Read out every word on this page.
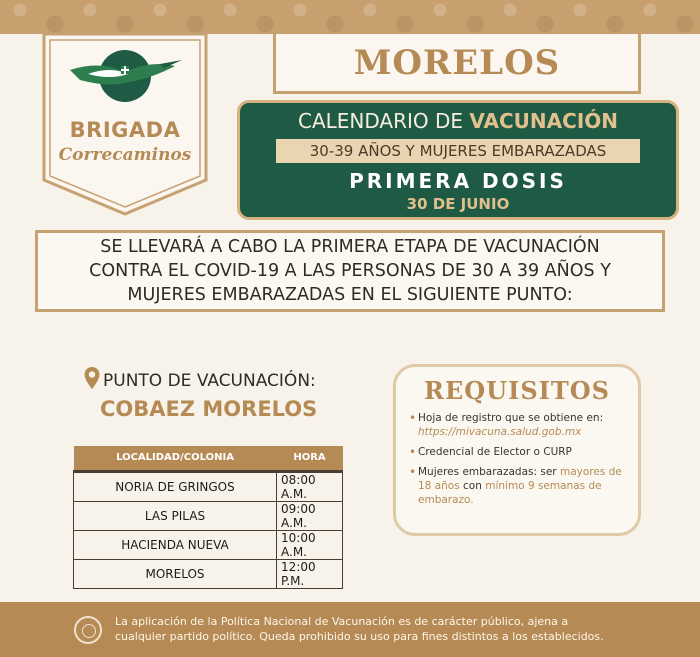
BRIGADA
Correcaminos
MORELOS
CALENDARIO DE VACUNACIÓN
30-39 AÑOS Y MUJERES EMBARAZADAS
PRIMERA DOSIS
30 DE JUNIO
SE LLEVARÁ A CABO LA PRIMERA ETAPA DE VACUNACIÓN
CONTRA EL COVID-19 A LAS PERSONAS DE 30 A 39 AÑOS Y
MUJERES EMBARAZADAS EN EL SIGUIENTE PUNTO:
PUNTO DE VACUNACIÓN:
COBAEZ MORELOS
LOCALIDAD/COLONIA	HORA
NORIA DE GRINGOS	08:00 A.M.
LAS PILAS	09:00 A.M.
HACIENDA NUEVA	10:00 A.M.
MORELOS	12:00 P.M.
REQUISITOS
• Hoja de registro que se obtiene en: https://mivacuna.salud.gob.mx
• Credencial de Elector o CURP
• Mujeres embarazadas: ser mayores de 18 años con mínimo 9 semanas de embarazo.
La aplicación de la Política Nacional de Vacunación es de carácter público, ajena a
cualquier partido político. Queda prohibido su uso para fines distintos a los establecidos.
